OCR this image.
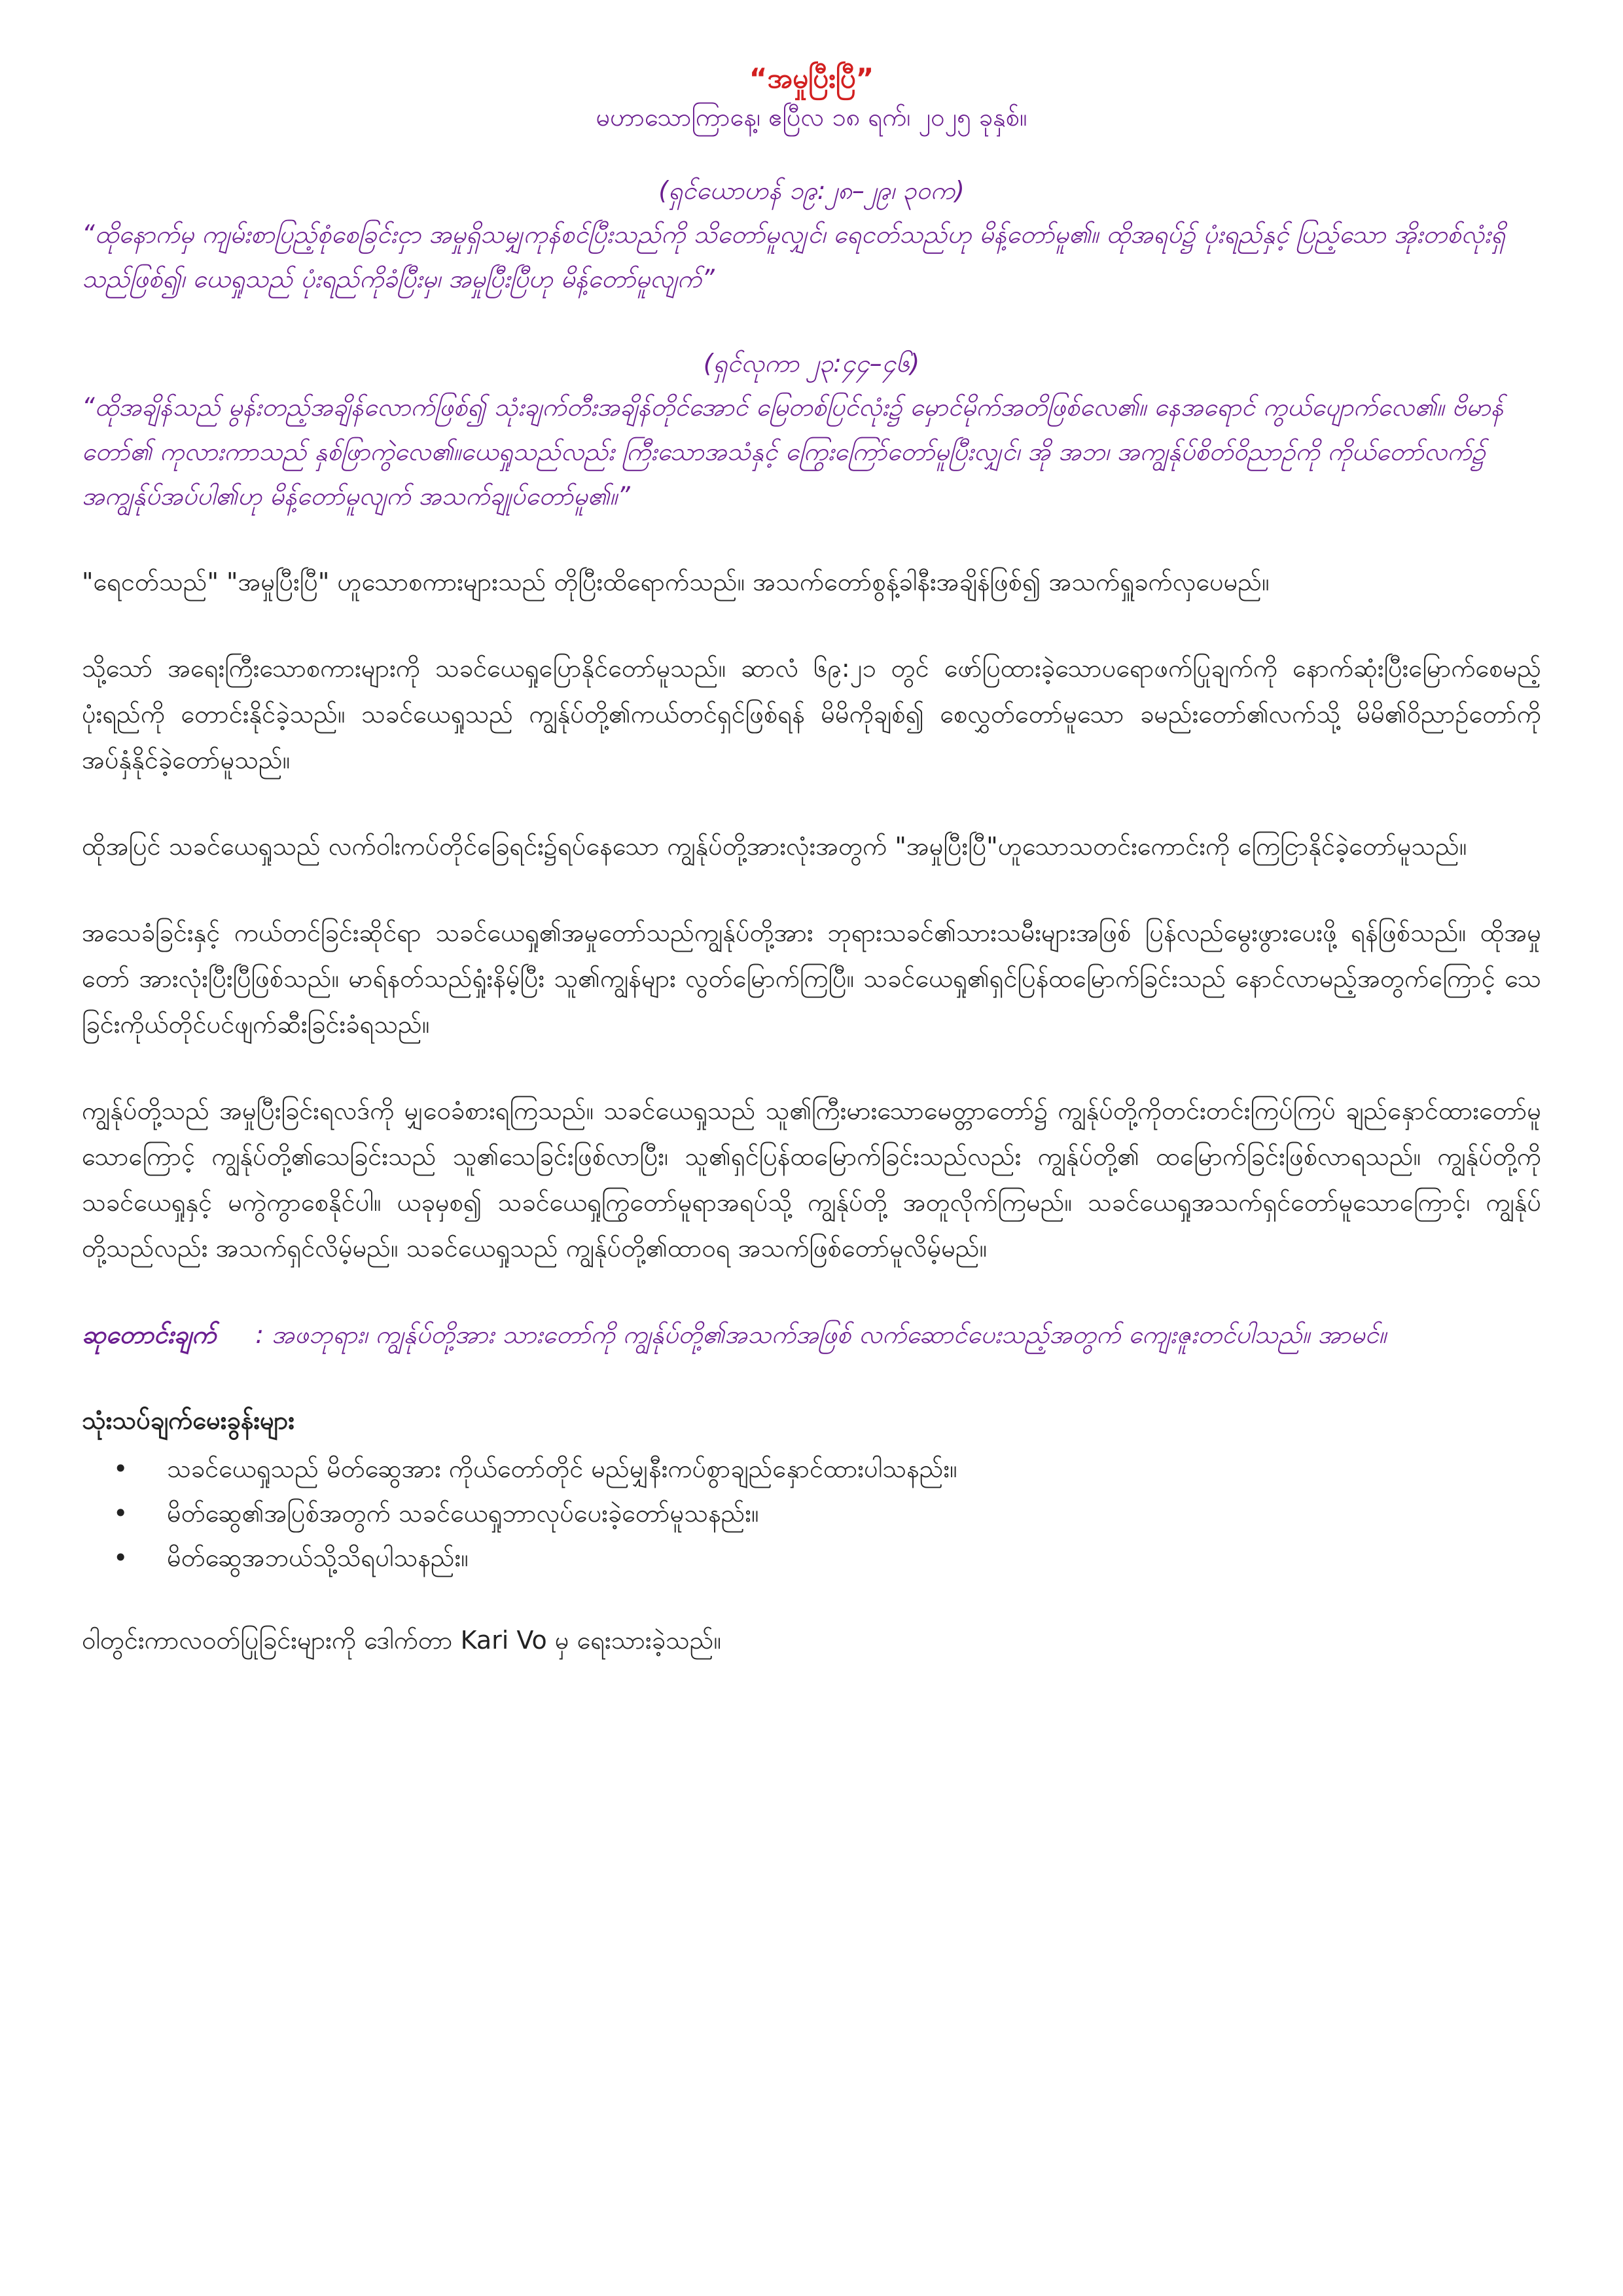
“အမှုပြီးပြီ”

မဟာသောကြာနေ့၊ ဧပြီလ ၁၈ ရက်၊ ၂၀၂၅ ခုနှစ်။

(ရှင်ယောဟန် ၁၉:၂၈–၂၉၊ ၃၀က)

“ထိုနောက်မှ ကျမ်းစာပြည့်စုံစေခြင်းငှာ အမှုရှိသမျှကုန်စင်ပြီးသည်ကို သိတော်မူလျှင်၊ ရေငတ်သည်ဟု မိန့်တော်မူ၏။ ထိုအရပ်၌ ပုံးရည်နှင့် ပြည့်သော အိုးတစ်လုံးရှိသည်ဖြစ်၍၊ ယေရှုသည် ပုံးရည်ကိုခံပြီးမှ၊ အမှုပြီးပြီဟု မိန့်တော်မူလျက်”

(ရှင်လုကာ ၂၃:၄၄–၄၆)

“ထိုအချိန်သည် မွန်းတည့်အချိန်လောက်ဖြစ်၍ သုံးချက်တီးအချိန်တိုင်အောင် မြေတစ်ပြင်လုံး၌ မှောင်မိုက်အတိဖြစ်လေ၏။ နေအရောင် ကွယ်ပျောက်လေ၏။ ဗိမာန်တော်၏ ကုလားကာသည် နှစ်ဖြာကွဲလေ၏။ယေရှုသည်လည်း ကြီးသောအသံနှင့် ကြွေးကြော်တော်မူပြီးလျှင်၊ အို အဘ၊ အကျွန်ုပ်စိတ်ဝိညာဉ်ကို ကိုယ်တော်လက်၌ အကျွန်ုပ်အပ်ပါ၏ဟု မိန့်တော်မူလျက် အသက်ချုပ်တော်မူ၏။”

"ရေငတ်သည်" "အမှုပြီးပြီ" ဟူသောစကားများသည် တိုပြီးထိရောက်သည်။ အသက်တော်စွန့်ခါနီးအချိန်ဖြစ်၍ အသက်ရှူခက်လှပေမည်။

သို့သော် အရေးကြီးသောစကားများကို သခင်ယေရှုပြောနိုင်တော်မူသည်။ ဆာလံ ၆၉:၂၁ တွင် ဖော်ပြထားခဲ့သောပရောဖက်ပြုချက်ကို နောက်ဆုံးပြီးမြောက်စေမည့်ပုံးရည်ကို တောင်းနိုင်ခဲ့သည်။ သခင်ယေရှုသည် ကျွန်ုပ်တို့၏ကယ်တင်ရှင်ဖြစ်ရန် မိမိကိုချစ်၍ စေလွှတ်တော်မူသော ခမည်းတော်၏လက်သို့ မိမိ၏ဝိညာဉ်တော်ကို အပ်နှံနိုင်ခဲ့တော်မူသည်။

ထိုအပြင် သခင်ယေရှုသည် လက်ဝါးကပ်တိုင်ခြေရင်း၌ရပ်နေသော ကျွန်ုပ်တို့အားလုံးအတွက် "အမှုပြီးပြီ"ဟူသောသတင်းကောင်းကို ကြေငြာနိုင်ခဲ့တော်မူသည်။

အသေခံခြင်းနှင့် ကယ်တင်ခြင်းဆိုင်ရာ သခင်ယေရှု၏အမှုတော်သည်ကျွန်ုပ်တို့အား ဘုရားသခင်၏သားသမီးများအဖြစ် ပြန်လည်မွေးဖွားပေးဖို့ ရန်ဖြစ်သည်။ ထိုအမှုတော် အားလုံးပြီးပြီဖြစ်သည်။ မာရ်နတ်သည်ရှုံးနိမ့်ပြီး သူ၏ကျွန်များ လွတ်မြောက်ကြပြီ။ သခင်ယေရှု၏ရှင်ပြန်ထမြောက်ခြင်းသည် နောင်လာမည့်အတွက်ကြောင့် သေခြင်းကိုယ်တိုင်ပင်ဖျက်ဆီးခြင်းခံရသည်။

ကျွန်ုပ်တို့သည် အမှုပြီးခြင်းရလဒ်ကို မျှဝေခံစားရကြသည်။ သခင်ယေရှုသည် သူ၏ကြီးမားသောမေတ္တာတော်၌ ကျွန်ုပ်တို့ကိုတင်းတင်းကြပ်ကြပ် ချည်နှောင်ထားတော်မူသောကြောင့် ကျွန်ုပ်တို့၏သေခြင်းသည် သူ၏သေခြင်းဖြစ်လာပြီး၊ သူ၏ရှင်ပြန်ထမြောက်ခြင်းသည်လည်း ကျွန်ုပ်တို့၏ ထမြောက်ခြင်းဖြစ်လာရသည်။ ကျွန်ုပ်တို့ကို သခင်ယေရှုနှင့် မကွဲကွာစေနိုင်ပါ။ ယခုမှစ၍ သခင်ယေရှုကြွတော်မူရာအရပ်သို့ ကျွန်ုပ်တို့ အတူလိုက်ကြမည်။ သခင်ယေရှုအသက်ရှင်တော်မူသောကြောင့်၊ ကျွန်ုပ်တို့သည်လည်း အသက်ရှင်လိမ့်မည်။ သခင်ယေရှုသည် ကျွန်ုပ်တို့၏ထာဝရ အသက်ဖြစ်တော်မူလိမ့်မည်။

ဆုတောင်းချက် : အဖဘုရား၊ ကျွန်ုပ်တို့အား သားတော်ကို ကျွန်ုပ်တို့၏အသက်အဖြစ် လက်ဆောင်ပေးသည့်အတွက် ကျေးဇူးတင်ပါသည်။ အာမင်။

သုံးသပ်ချက်မေးခွန်းများ

• သခင်ယေရှုသည် မိတ်ဆွေအား ကိုယ်တော်တိုင် မည်မျှနီးကပ်စွာချည်နှောင်ထားပါသနည်း။
• မိတ်ဆွေ၏အပြစ်အတွက် သခင်ယေရှုဘာလုပ်ပေးခဲ့တော်မူသနည်း။
• မိတ်ဆွေအဘယ်သို့သိရပါသနည်း။

ဝါတွင်းကာလဝတ်ပြုခြင်းများကို ဒေါက်တာ Kari Vo မှ ရေးသားခဲ့သည်။
